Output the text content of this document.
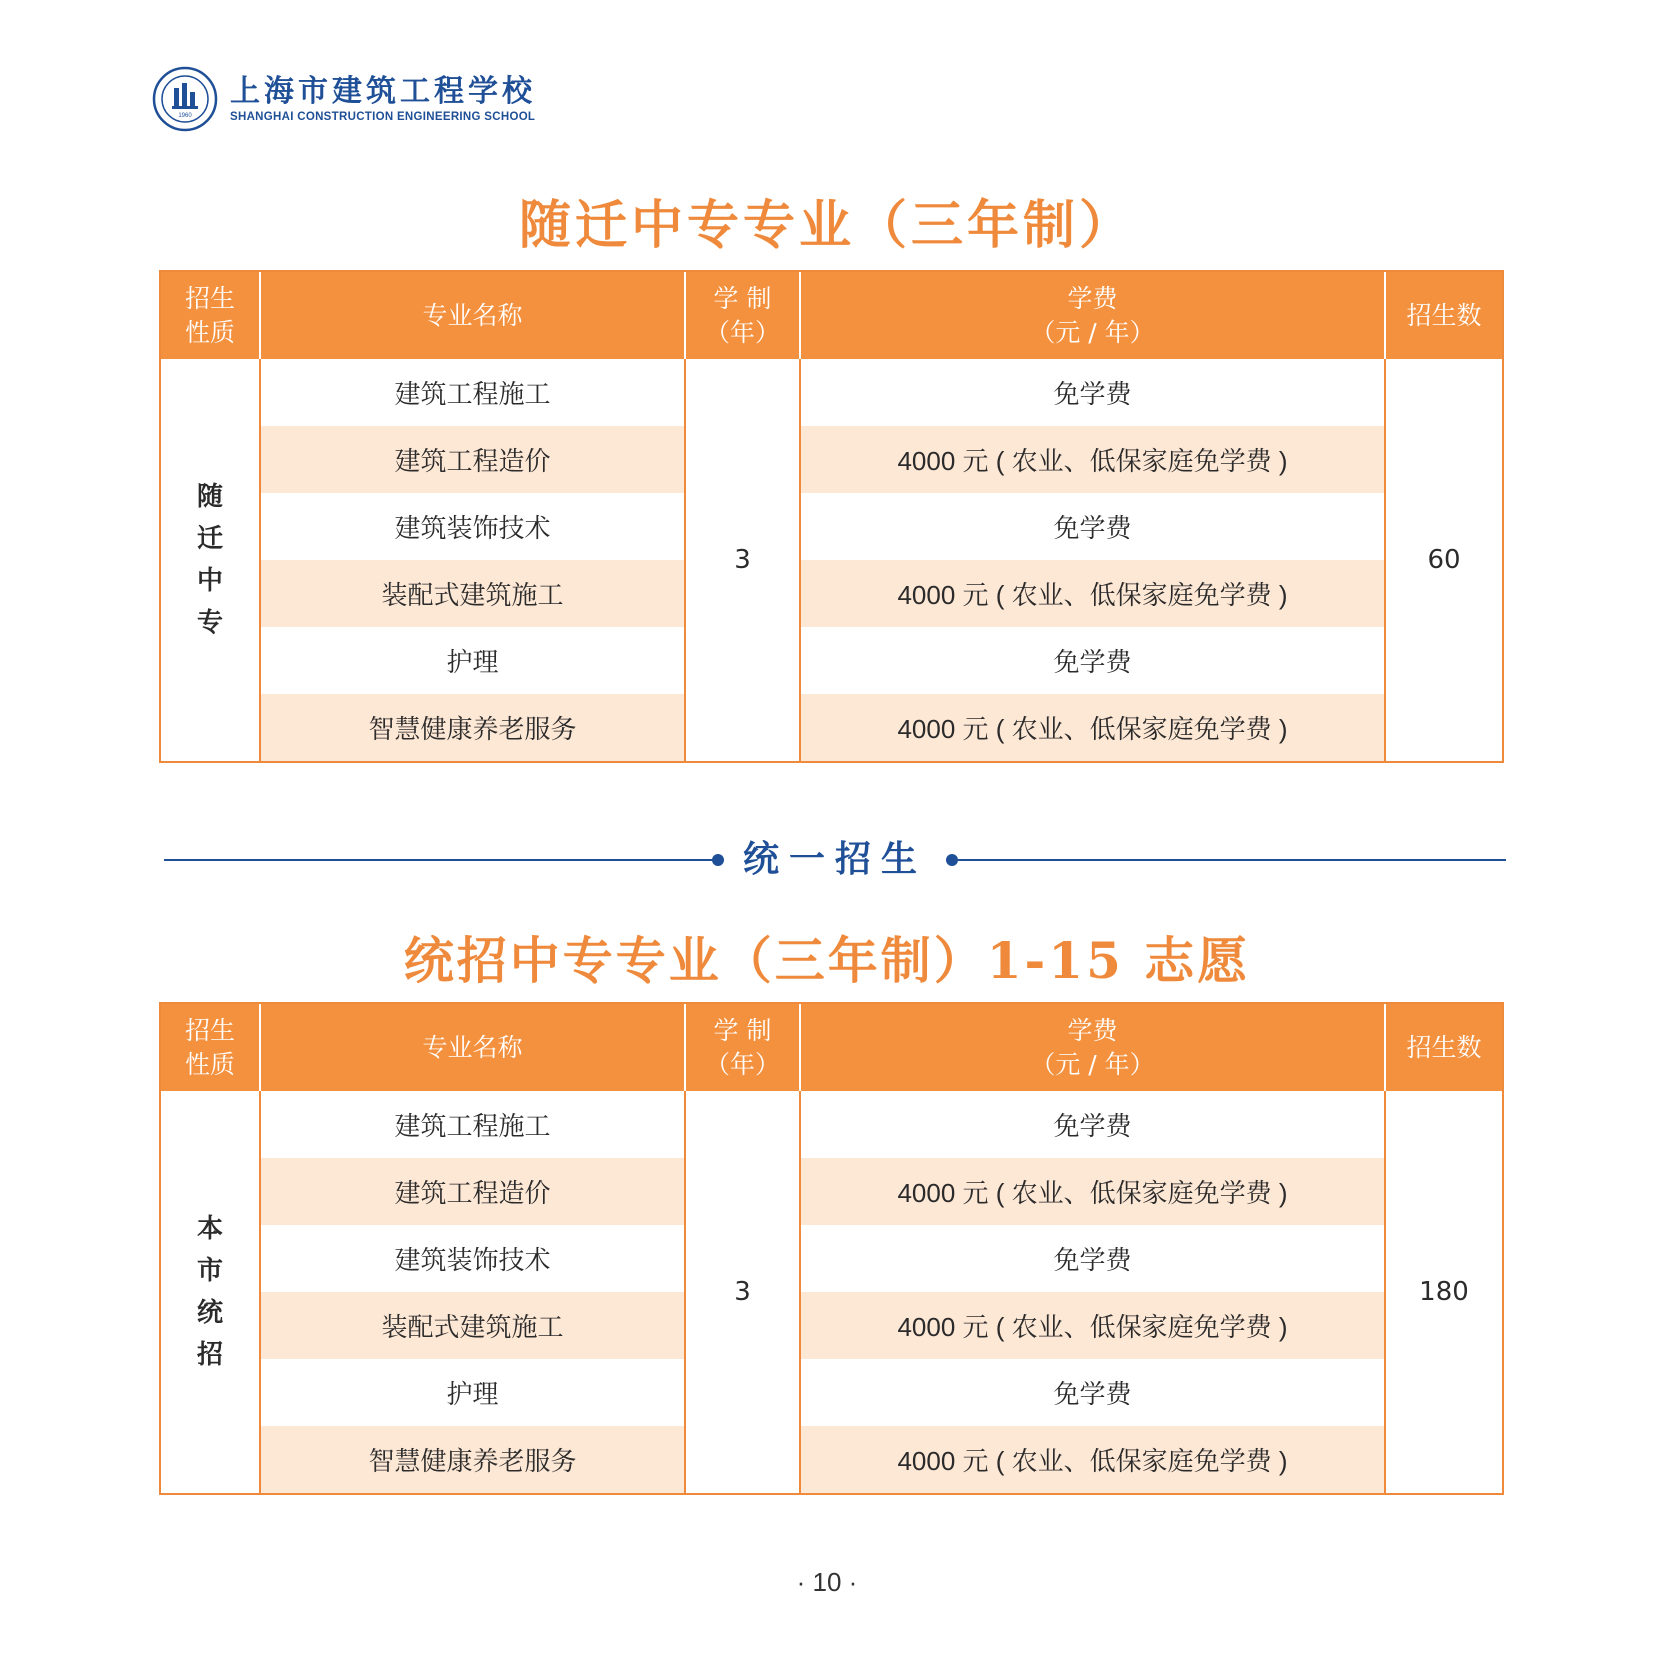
1960
上海市建筑工程学校
SHANGHAI CONSTRUCTION ENGINEERING SCHOOL
随迁中专专业（三年制）
招生
性质
专业名称
学 制
（年）
学费
（元 / 年）
招生数
随
迁
中
专
建筑工程施工
建筑工程造价
建筑装饰技术
装配式建筑施工
护理
智慧健康养老服务
3
免学费
4000 元 ( 农业、低保家庭免学费 )
免学费
4000 元 ( 农业、低保家庭免学费 )
免学费
4000 元 ( 农业、低保家庭免学费 )
60
统一招生
统招中专专业（三年制）1-15 志愿
招生
性质
专业名称
学 制
（年）
学费
（元 / 年）
招生数
本
市
统
招
建筑工程施工
建筑工程造价
建筑装饰技术
装配式建筑施工
护理
智慧健康养老服务
3
免学费
4000 元 ( 农业、低保家庭免学费 )
免学费
4000 元 ( 农业、低保家庭免学费 )
免学费
4000 元 ( 农业、低保家庭免学费 )
180
· 10 ·
